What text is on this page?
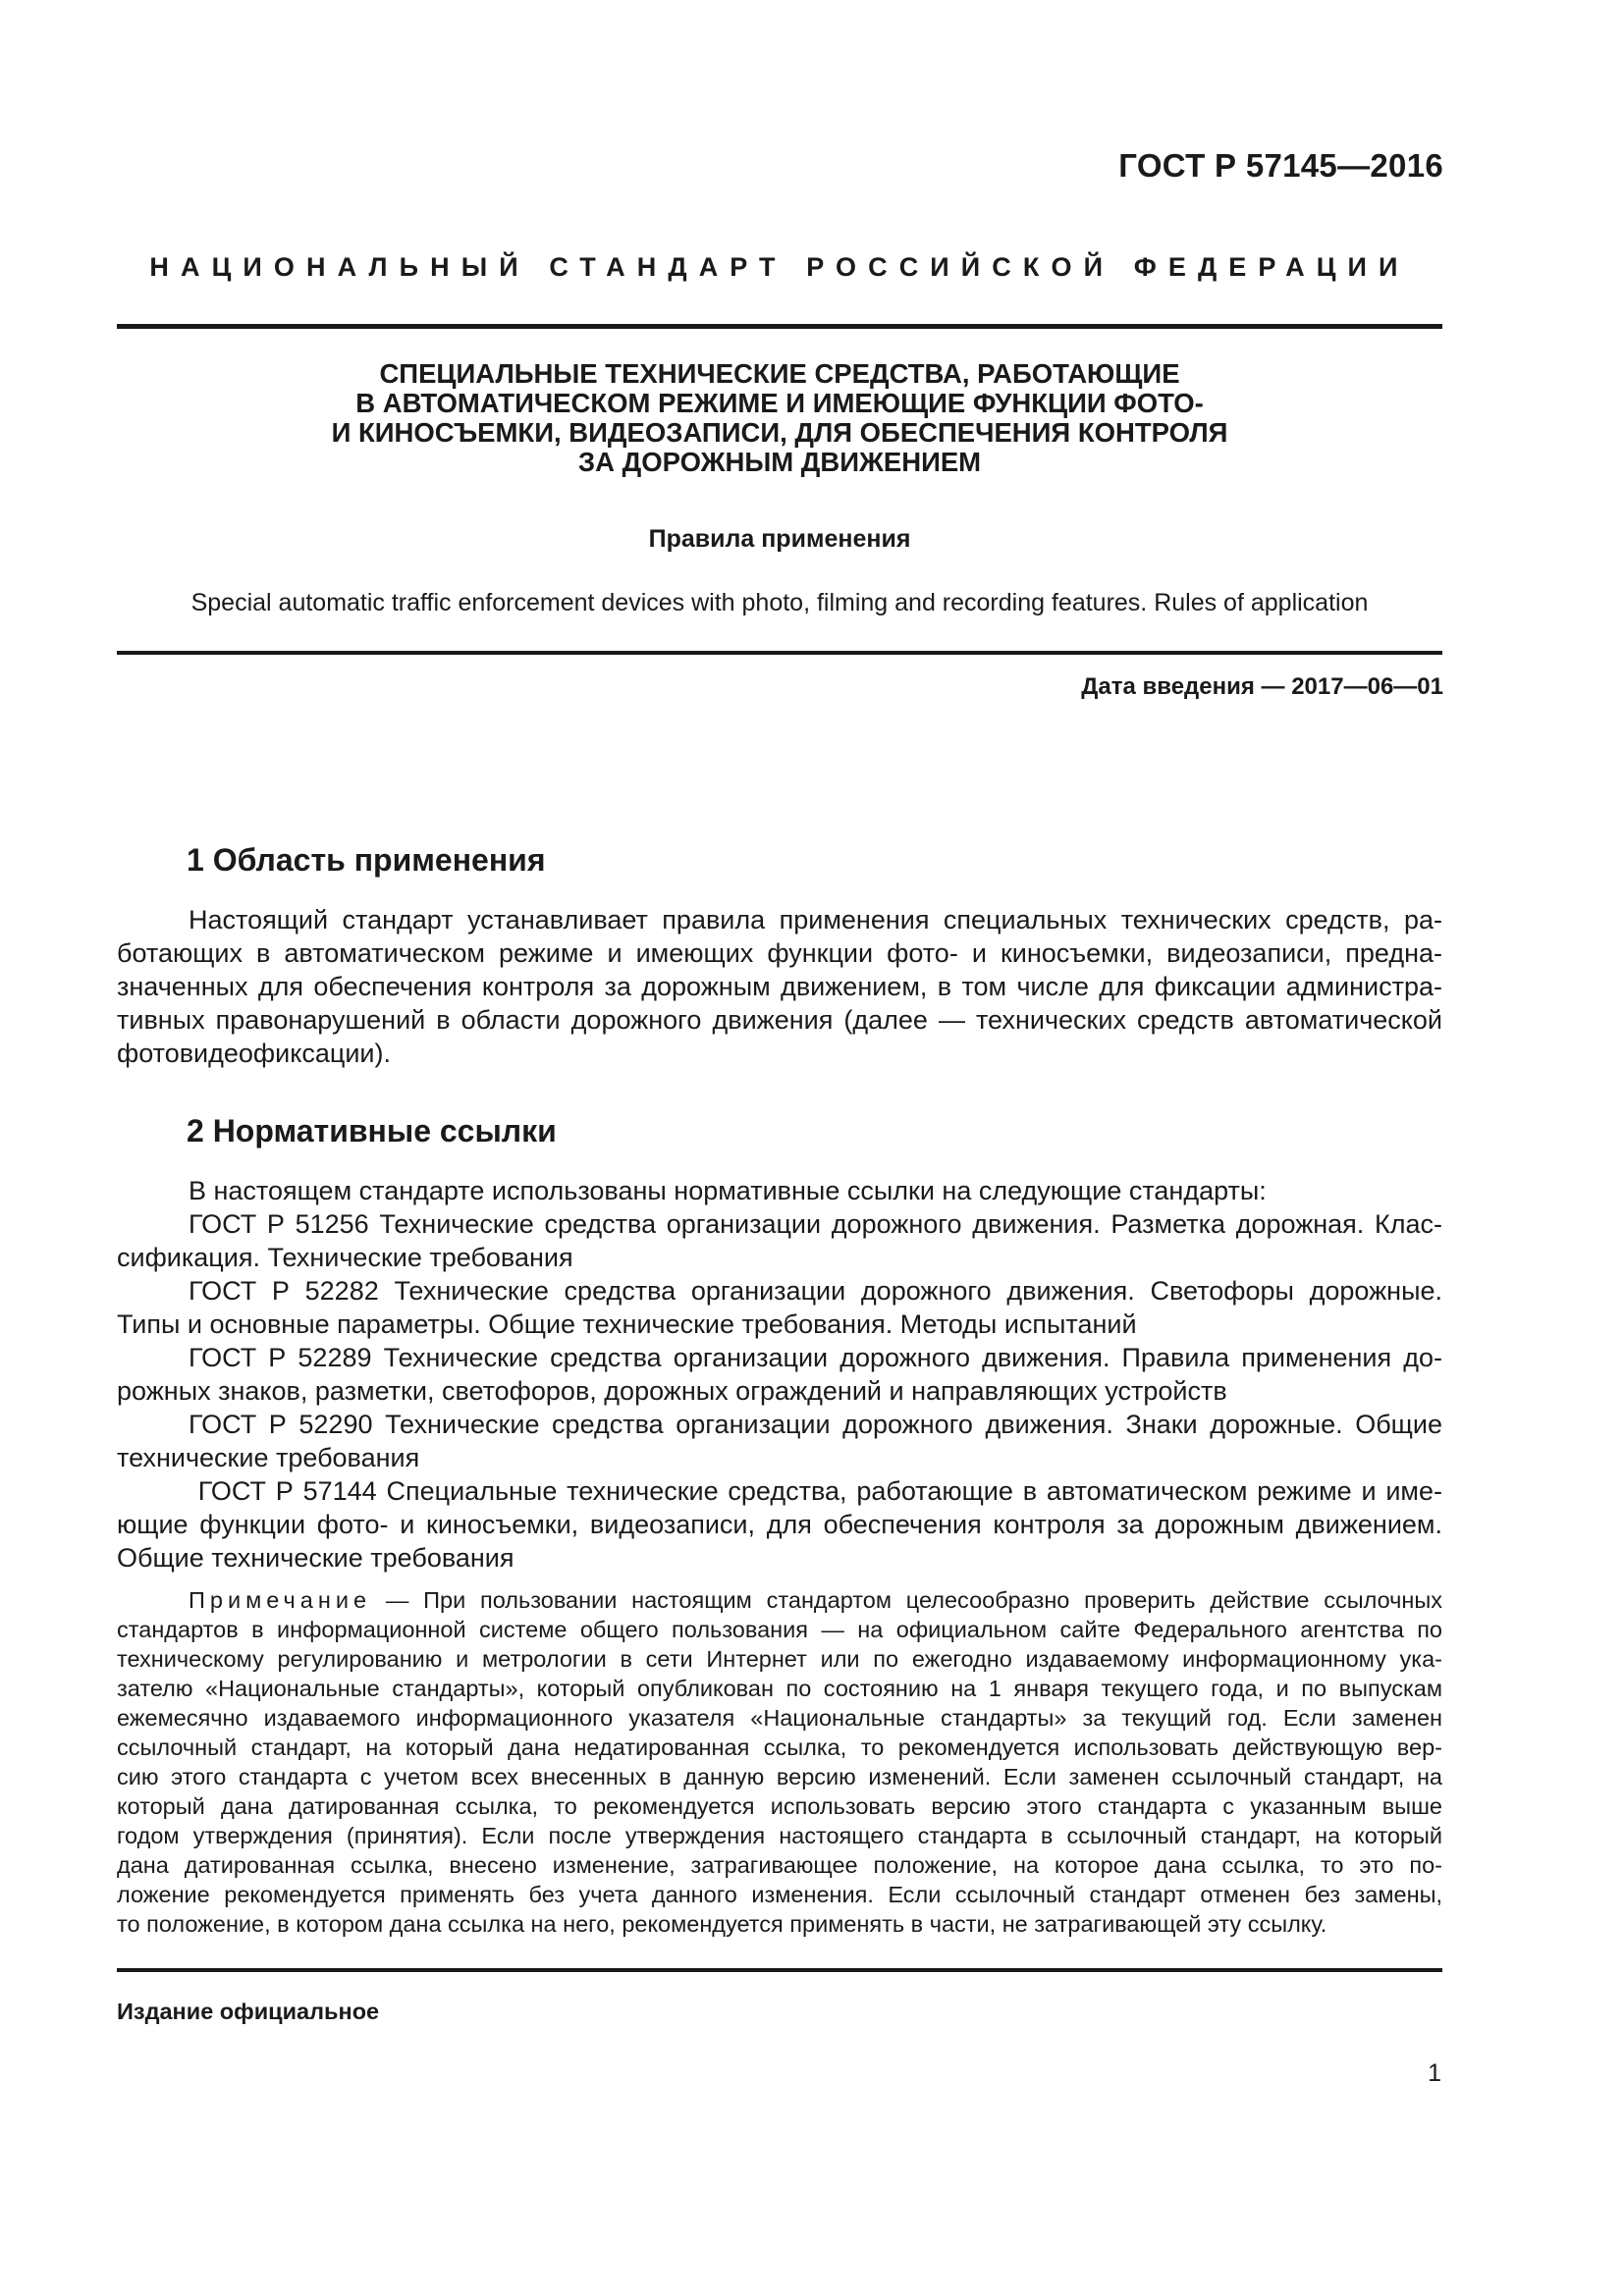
ГОСТ Р 57145—2016
НАЦИОНАЛЬНЫЙ СТАНДАРТ РОССИЙСКОЙ ФЕДЕРАЦИИ
СПЕЦИАЛЬНЫЕ ТЕХНИЧЕСКИЕ СРЕДСТВА, РАБОТАЮЩИЕ
В АВТОМАТИЧЕСКОМ РЕЖИМЕ И ИМЕЮЩИЕ ФУНКЦИИ ФОТО-
И КИНОСЪЕМКИ, ВИДЕОЗАПИСИ, ДЛЯ ОБЕСПЕЧЕНИЯ КОНТРОЛЯ
ЗА ДОРОЖНЫМ ДВИЖЕНИЕМ
Правила применения
Special automatic traffic enforcement devices with photo, filming and recording features. Rules of application
Дата введения — 2017—06—01
1 Область применения
Настоящий стандарт устанавливает правила применения специальных технических средств, ра-
ботающих в автоматическом режиме и имеющих функции фото- и киносъемки, видеозаписи, предна-
значенных для обеспечения контроля за дорожным движением, в том числе для фиксации администра-
тивных правонарушений в области дорожного движения (далее — технических средств автоматической
фотовидеофиксации).
2 Нормативные ссылки
В настоящем стандарте использованы нормативные ссылки на следующие стандарты:
ГОСТ Р 51256 Технические средства организации дорожного движения. Разметка дорожная. Клас-
сификация. Технические требования
ГОСТ Р 52282 Технические средства организации дорожного движения. Светофоры дорожные.
Типы и основные параметры. Общие технические требования. Методы испытаний
ГОСТ Р 52289 Технические средства организации дорожного движения. Правила применения до-
рожных знаков, разметки, светофоров, дорожных ограждений и направляющих устройств
ГОСТ Р 52290 Технические средства организации дорожного движения. Знаки дорожные. Общие
технические требования
ГОСТ Р 57144 Специальные технические средства, работающие в автоматическом режиме и име-
ющие функции фото- и киносъемки, видеозаписи, для обеспечения контроля за дорожным движением.
Общие технические требования
Примечание — При пользовании настоящим стандартом целесообразно проверить действие ссылочных
стандартов в информационной системе общего пользования — на официальном сайте Федерального агентства по
техническому регулированию и метрологии в сети Интернет или по ежегодно издаваемому информационному ука-
зателю «Национальные стандарты», который опубликован по состоянию на 1 января текущего года, и по выпускам
ежемесячно издаваемого информационного указателя «Национальные стандарты» за текущий год. Если заменен
ссылочный стандарт, на который дана недатированная ссылка, то рекомендуется использовать действующую вер-
сию этого стандарта с учетом всех внесенных в данную версию изменений. Если заменен ссылочный стандарт, на
который дана датированная ссылка, то рекомендуется использовать версию этого стандарта с указанным выше
годом утверждения (принятия). Если после утверждения настоящего стандарта в ссылочный стандарт, на который
дана датированная ссылка, внесено изменение, затрагивающее положение, на которое дана ссылка, то это по-
ложение рекомендуется применять без учета данного изменения. Если ссылочный стандарт отменен без замены,
то положение, в котором дана ссылка на него, рекомендуется применять в части, не затрагивающей эту ссылку.
Издание официальное
1
